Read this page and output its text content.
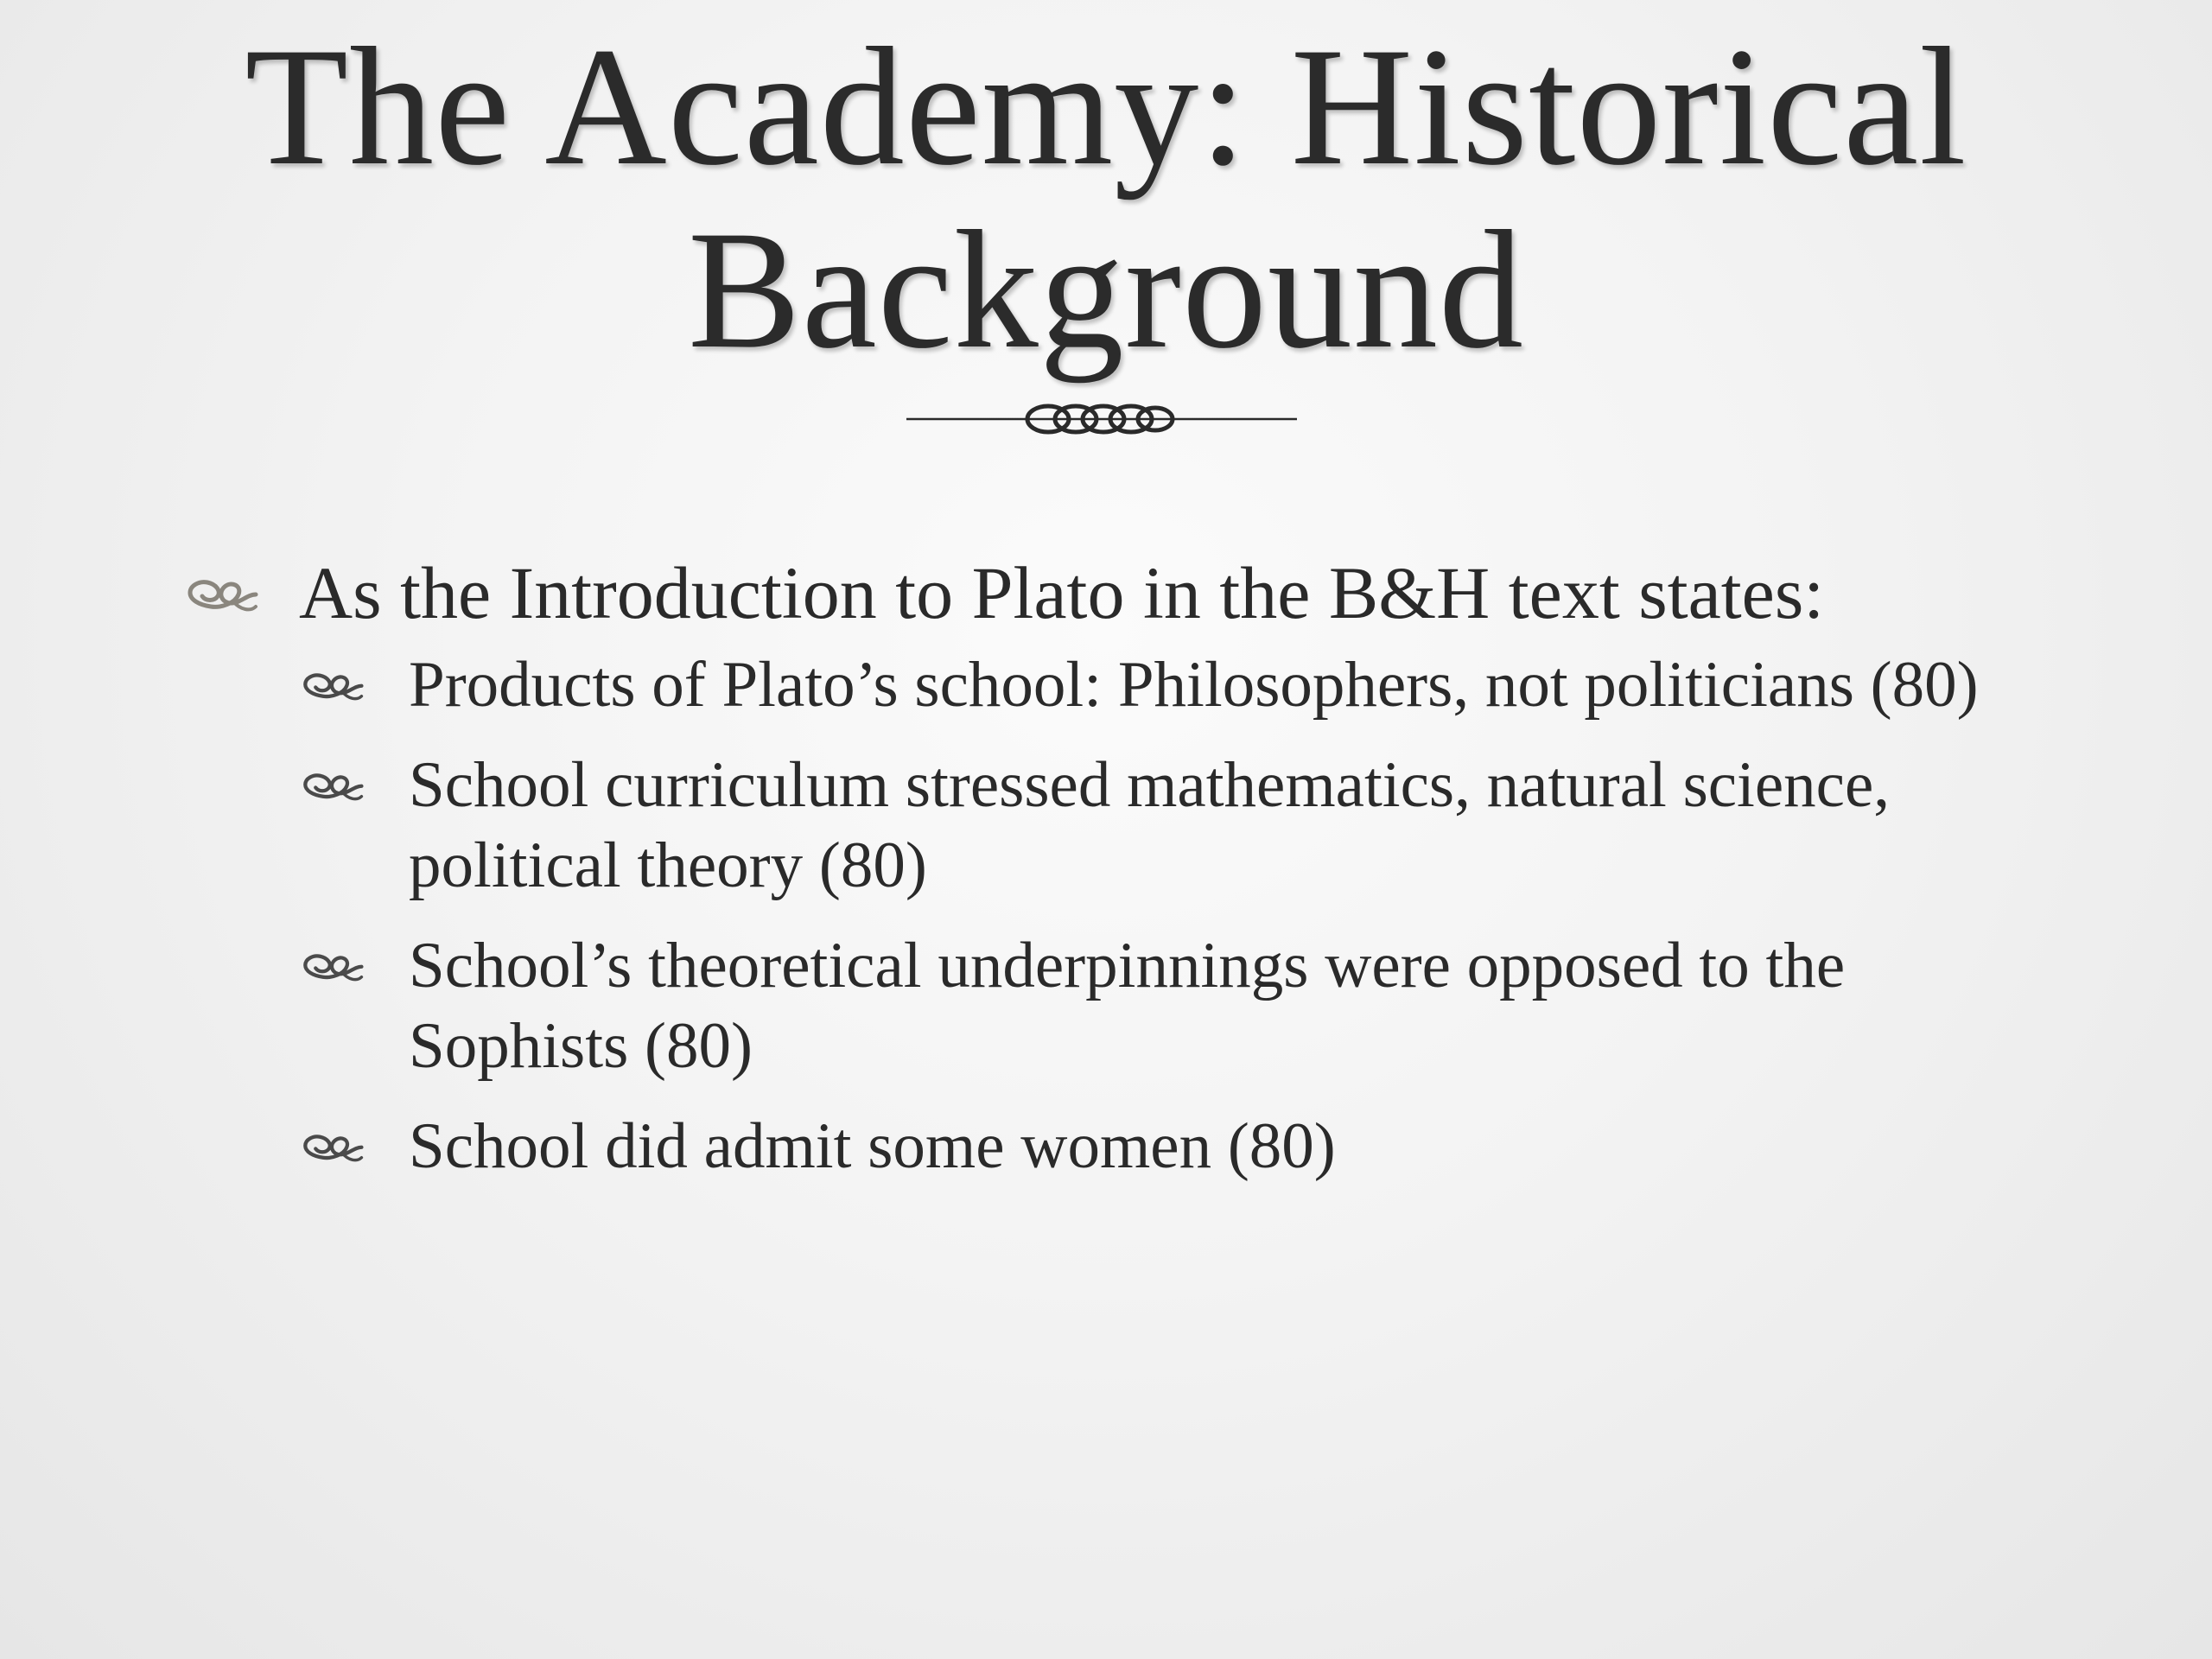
The Academy: Historical
Background
As the Introduction to Plato in the B&H text states:
Products of Plato’s school: Philosophers, not politicians (80)
School curriculum stressed mathematics, natural science, political theory (80)
School’s theoretical underpinnings were opposed to the Sophists (80)
School did admit some women (80)
